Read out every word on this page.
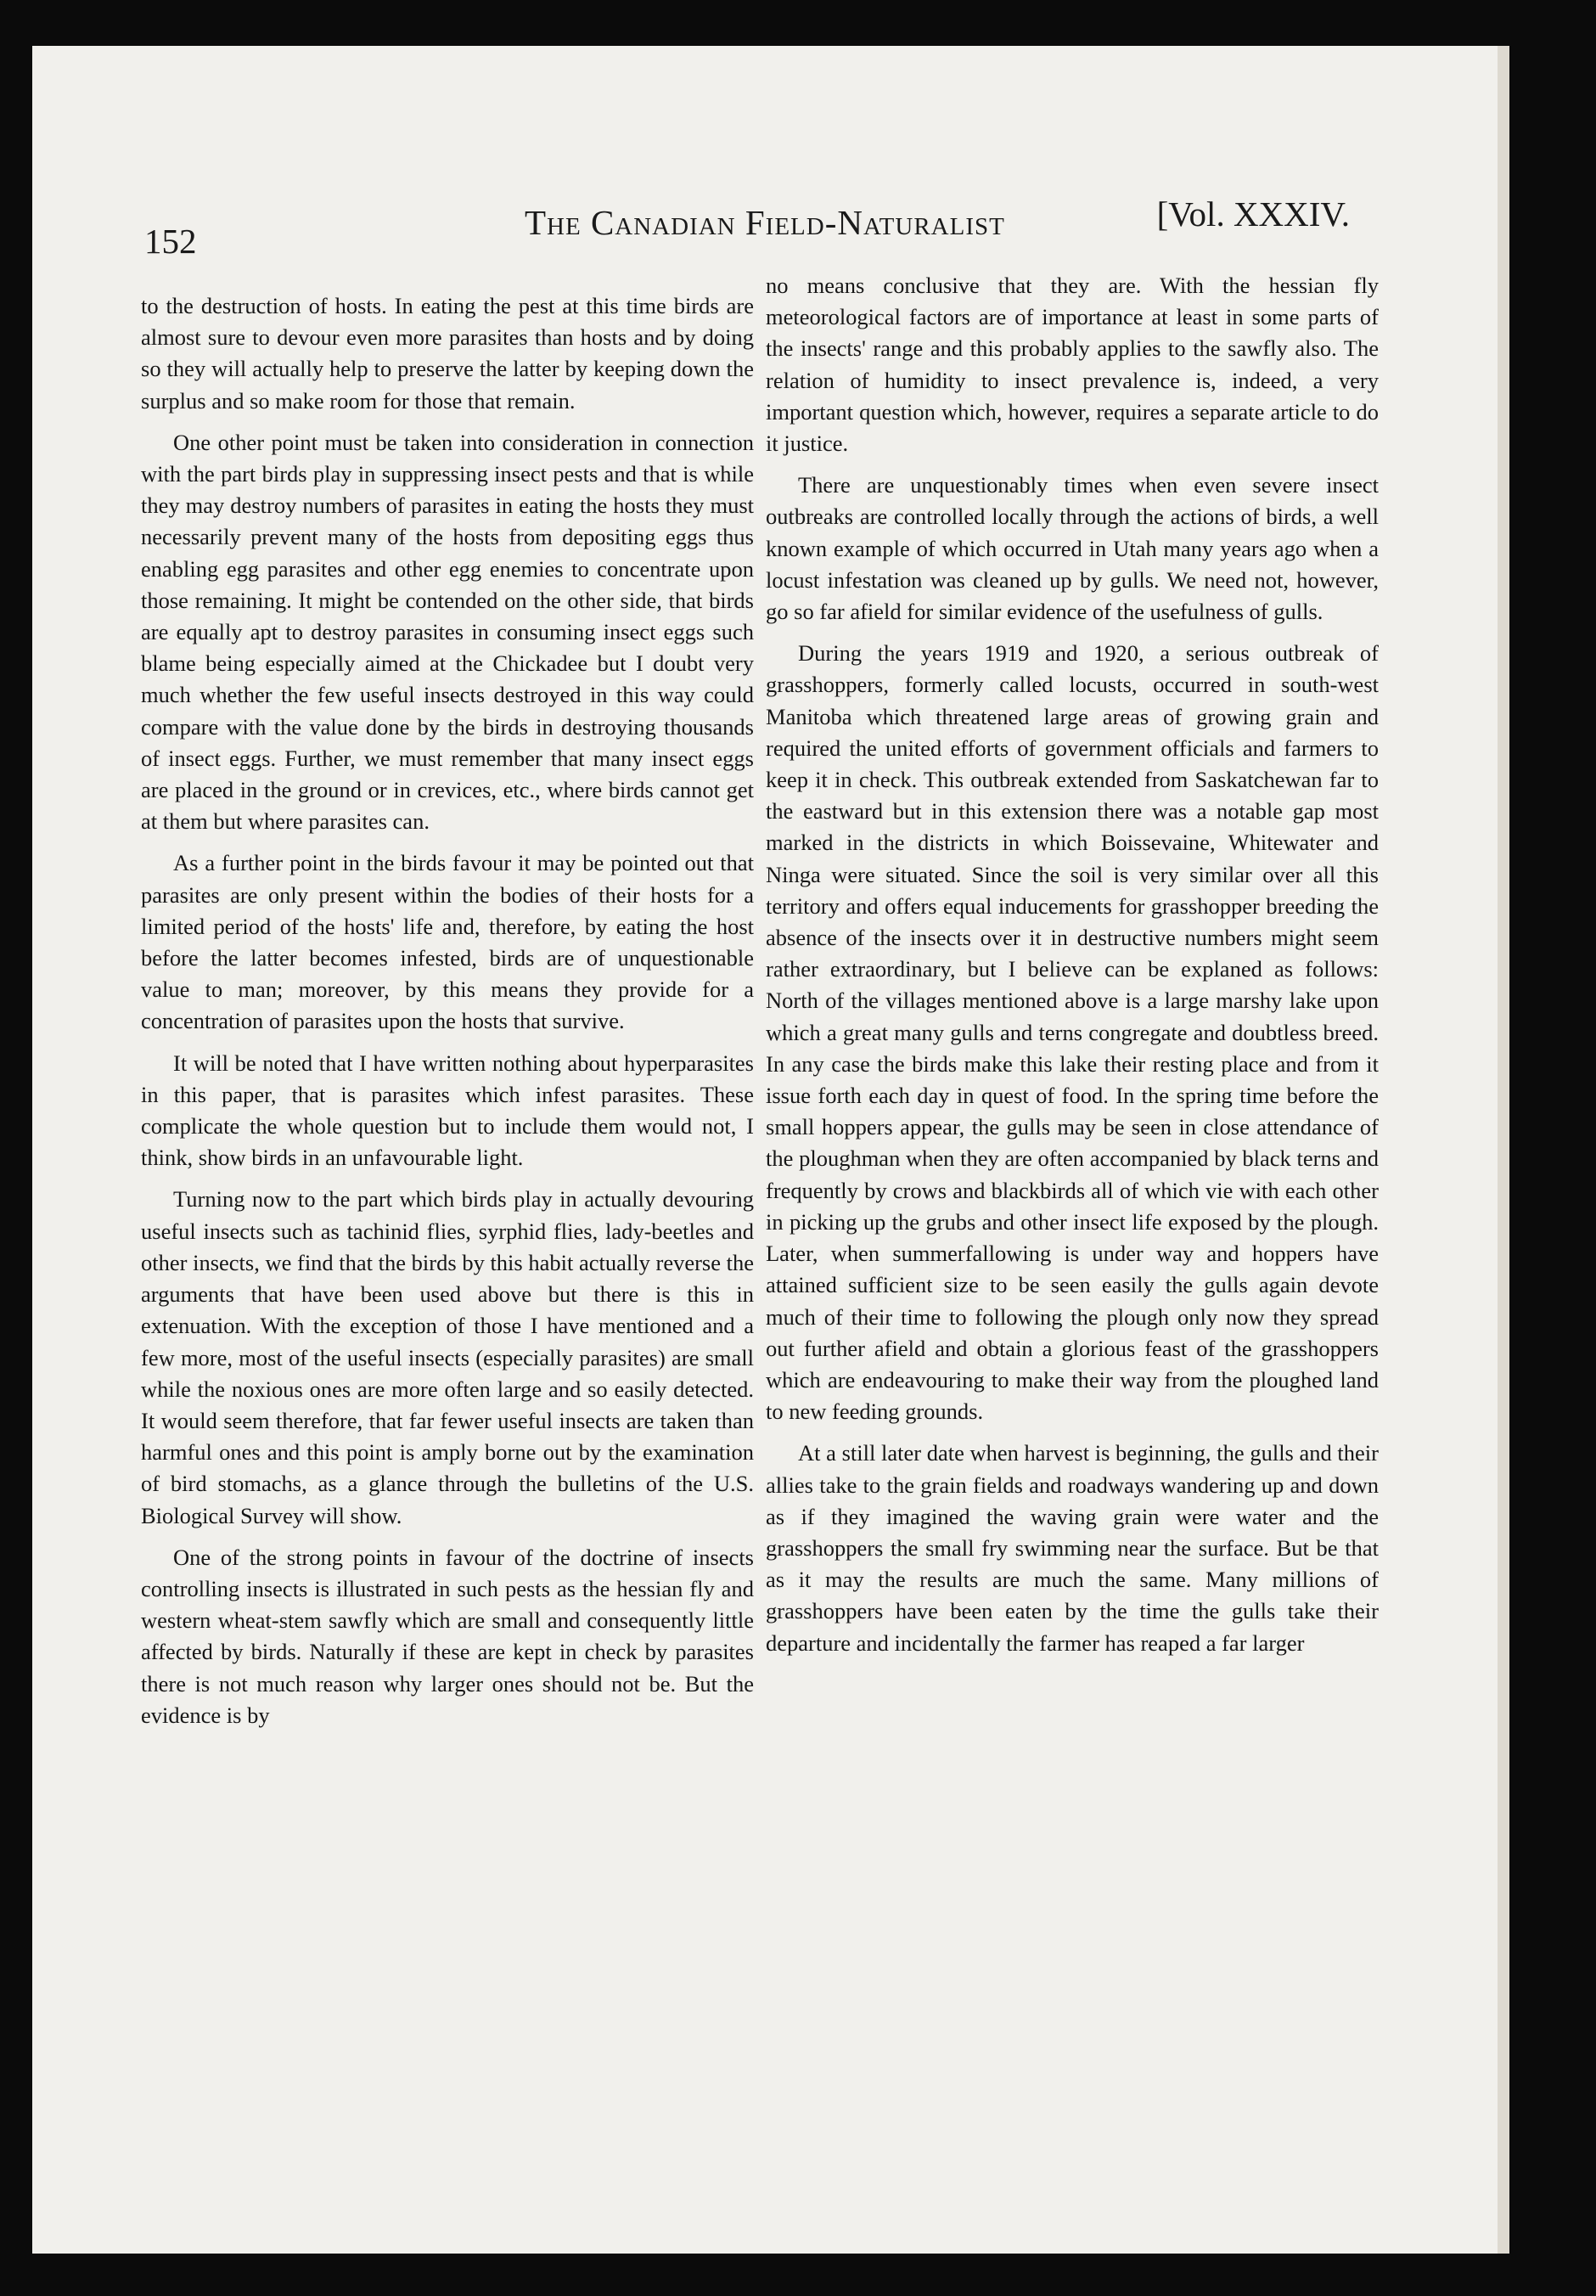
152	The Canadian Field-Naturalist	[Vol. XXXIV.

to the destruction of hosts. In eating the pest at this time birds are almost sure to devour even more parasites than hosts and by doing so they will actually help to preserve the latter by keeping down the surplus and so make room for those that remain.

One other point must be taken into consideration in connection with the part birds play in suppressing insect pests and that is while they may destroy numbers of parasites in eating the hosts they must necessarily prevent many of the hosts from depositing eggs thus enabling egg parasites and other egg enemies to concentrate upon those remaining. It might be contended on the other side, that birds are equally apt to destroy parasites in consuming insect eggs such blame being especially aimed at the Chickadee but I doubt very much whether the few useful insects destroyed in this way could compare with the value done by the birds in destroying thousands of insect eggs. Further, we must remember that many insect eggs are placed in the ground or in crevices, etc., where birds cannot get at them but where parasites can.

As a further point in the birds favour it may be pointed out that parasites are only present within the bodies of their hosts for a limited period of the hosts' life and, therefore, by eating the host before the latter becomes infested, birds are of unquestionable value to man; moreover, by this means they provide for a concentration of parasites upon the hosts that survive.

It will be noted that I have written nothing about hyperparasites in this paper, that is parasites which infest parasites. These complicate the whole question but to include them would not, I think, show birds in an unfavourable light.

Turning now to the part which birds play in actually devouring useful insects such as tachinid flies, syrphid flies, lady-beetles and other insects, we find that the birds by this habit actually reverse the arguments that have been used above but there is this in extenuation. With the exception of those I have mentioned and a few more, most of the useful insects (especially parasites) are small while the noxious ones are more often large and so easily detected. It would seem therefore, that far fewer useful insects are taken than harmful ones and this point is amply borne out by the examination of bird stomachs, as a glance through the bulletins of the U.S. Biological Survey will show.

One of the strong points in favour of the doctrine of insects controlling insects is illustrated in such pests as the hessian fly and western wheat-stem sawfly which are small and consequently little affected by birds. Naturally if these are kept in check by parasites there is not much reason why larger ones should not be. But the evidence is by

no means conclusive that they are. With the hessian fly meteorological factors are of importance at least in some parts of the insects' range and this probably applies to the sawfly also. The relation of humidity to insect prevalence is, indeed, a very important question which, however, requires a separate article to do it justice.

There are unquestionably times when even severe insect outbreaks are controlled locally through the actions of birds, a well known example of which occurred in Utah many years ago when a locust infestation was cleaned up by gulls. We need not, however, go so far afield for similar evidence of the usefulness of gulls.

During the years 1919 and 1920, a serious outbreak of grasshoppers, formerly called locusts, occurred in south-west Manitoba which threatened large areas of growing grain and required the united efforts of government officials and farmers to keep it in check. This outbreak extended from Saskatchewan far to the eastward but in this extension there was a notable gap most marked in the districts in which Boissevaine, Whitewater and Ninga were situated. Since the soil is very similar over all this territory and offers equal inducements for grasshopper breeding the absence of the insects over it in destructive numbers might seem rather extraordinary, but I believe can be explaned as follows: North of the villages mentioned above is a large marshy lake upon which a great many gulls and terns congregate and doubtless breed. In any case the birds make this lake their resting place and from it issue forth each day in quest of food. In the spring time before the small hoppers appear, the gulls may be seen in close attendance of the ploughman when they are often accompanied by black terns and frequently by crows and blackbirds all of which vie with each other in picking up the grubs and other insect life exposed by the plough. Later, when summerfallowing is under way and hoppers have attained sufficient size to be seen easily the gulls again devote much of their time to following the plough only now they spread out further afield and obtain a glorious feast of the grasshoppers which are endeavouring to make their way from the ploughed land to new feeding grounds.

At a still later date when harvest is beginning, the gulls and their allies take to the grain fields and roadways wandering up and down as if they imagined the waving grain were water and the grasshoppers the small fry swimming near the surface. But be that as it may the results are much the same. Many millions of grasshoppers have been eaten by the time the gulls take their departure and incidentally the farmer has reaped a far larger
